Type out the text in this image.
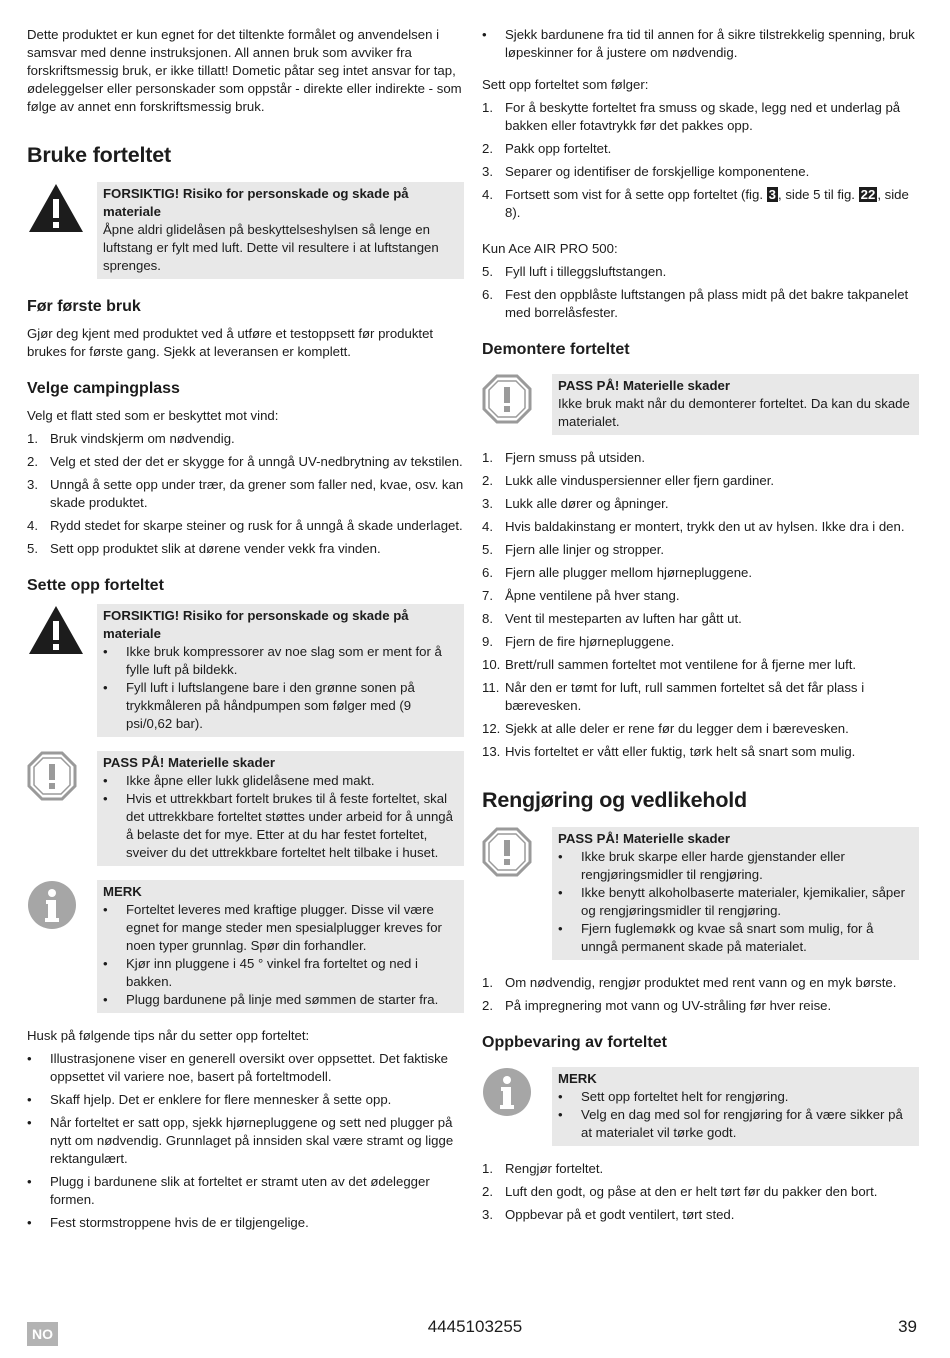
Dette produktet er kun egnet for det tiltenkte formålet og anvendelsen i samsvar med denne instruksjonen. All annen bruk som avviker fra forskriftsmessig bruk, er ikke tillatt! Dometic påtar seg intet ansvar for tap, ødeleggelser eller personskader som oppstår - direkte eller indirekte - som følge av annet enn forskriftsmessig bruk.

Bruke forteltet
FORSIKTIG! Risiko for personskade og skade på materiale
Åpne aldri glidelåsen på beskyttelseshylsen så lenge en luftstang er fylt med luft. Dette vil resultere i at luftstangen sprenges.
Før første bruk

Gjør deg kjent med produktet ved å utføre et testoppsett før produktet brukes for første gang. Sjekk at leveransen er komplett.

Velge campingplass

Velg et flatt sted som er beskyttet mot vind:

1. Bruk vindskjerm om nødvendig.
2. Velg et sted der det er skygge for å unngå UV-nedbrytning av tekstilen.
3. Unngå å sette opp under trær, da grener som faller ned, kvae, osv. kan skade produktet.
4. Rydd stedet for skarpe steiner og rusk for å unngå å skade underlaget.
5. Sett opp produktet slik at dørene vender vekk fra vinden.
Sette opp forteltet
FORSIKTIG! Risiko for personskade og skade på materiale
• Ikke bruk kompressorer av noe slag som er ment for å fylle luft på bildekk.
• Fyll luft i luftslangene bare i den grønne sonen på trykkmåleren på håndpumpen som følger med (9 psi/0,62 bar).
PASS PÅ! Materielle skader
• Ikke åpne eller lukk glidelåsene med makt.
• Hvis et uttrekkbart fortelt brukes til å feste forteltet, skal det uttrekkbare forteltet støttes under arbeid for å unngå å belaste det for mye. Etter at du har festet forteltet, sveiver du det uttrekkbare forteltet helt tilbake i huset.
MERK
• Forteltet leveres med kraftige plugger. Disse vil være egnet for mange steder men spesialplugger kreves for noen typer grunnlag. Spør din forhandler.
• Kjør inn pluggene i 45 ° vinkel fra forteltet og ned i bakken.
• Plugg bardunene på linje med sømmen de starter fra.

Husk på følgende tips når du setter opp forteltet:

• Illustrasjonene viser en generell oversikt over oppsettet. Det faktiske oppsettet vil variere noe, basert på forteltmodell.
• Skaff hjelp. Det er enklere for flere mennesker å sette opp.
• Når forteltet er satt opp, sjekk hjørnepluggene og sett ned plugger på nytt om nødvendig. Grunnlaget på innsiden skal være stramt og ligge rektangulært.
• Plugg i bardunene slik at forteltet er stramt uten av det ødelegger formen.
• Fest stormstroppene hvis de er tilgjengelige.
• Sjekk bardunene fra tid til annen for å sikre tilstrekkelig spenning, bruk løpeskinner for å justere om nødvendig.

Sett opp forteltet som følger:

1. For å beskytte forteltet fra smuss og skade, legg ned et underlag på bakken eller fotavtrykk før det pakkes opp.
2. Pakk opp forteltet.
3. Separer og identifiser de forskjellige komponentene.
4. Fortsett som vist for å sette opp forteltet (fig. 3 , side 5 til fig. 22 , side 8).

Kun Ace AIR PRO 500:

5. Fyll luft i tilleggsluftstangen.
6. Fest den oppblåste luftstangen på plass midt på det bakre takpanelet med borrelåsfester.
Demontere forteltet
PASS PÅ! Materielle skader
Ikke bruk makt når du demonterer forteltet. Da kan du skade materialet.
1. Fjern smuss på utsiden.
2. Lukk alle vinduspersienner eller fjern gardiner.
3. Lukk alle dører og åpninger.
4. Hvis baldakinstang er montert, trykk den ut av hylsen. Ikke dra i den.
5. Fjern alle linjer og stropper.
6. Fjern alle plugger mellom hjørnepluggene.
7. Åpne ventilene på hver stang.
8. Vent til mesteparten av luften har gått ut.
9. Fjern de fire hjørnepluggene.
10. Brett/rull sammen forteltet mot ventilene for å fjerne mer luft.
11. Når den er tømt for luft, rull sammen forteltet så det får plass i bærevesken.
12. Sjekk at alle deler er rene før du legger dem i bærevesken.
13. Hvis forteltet er vått eller fuktig, tørk helt så snart som mulig.
Rengjøring og vedlikehold
PASS PÅ! Materielle skader
• Ikke bruk skarpe eller harde gjenstander eller rengjøringsmidler til rengjøring.
• Ikke benytt alkoholbaserte materialer, kjemikalier, såper og rengjøringsmidler til rengjøring.
• Fjern fuglemøkk og kvae så snart som mulig, for å unngå permanent skade på materialet.
1. Om nødvendig, rengjør produktet med rent vann og en myk børste.
2. På impregnering mot vann og UV-stråling før hver reise.
Oppbevaring av forteltet
MERK
• Sett opp forteltet helt for rengjøring.
• Velg en dag med sol for rengjøring for å være sikker på at materialet vil tørke godt.
1. Rengjør forteltet.
2. Luft den godt, og påse at den er helt tørt før du pakker den bort.
3. Oppbevar på et godt ventilert, tørt sted.
NO	4445103255	39
